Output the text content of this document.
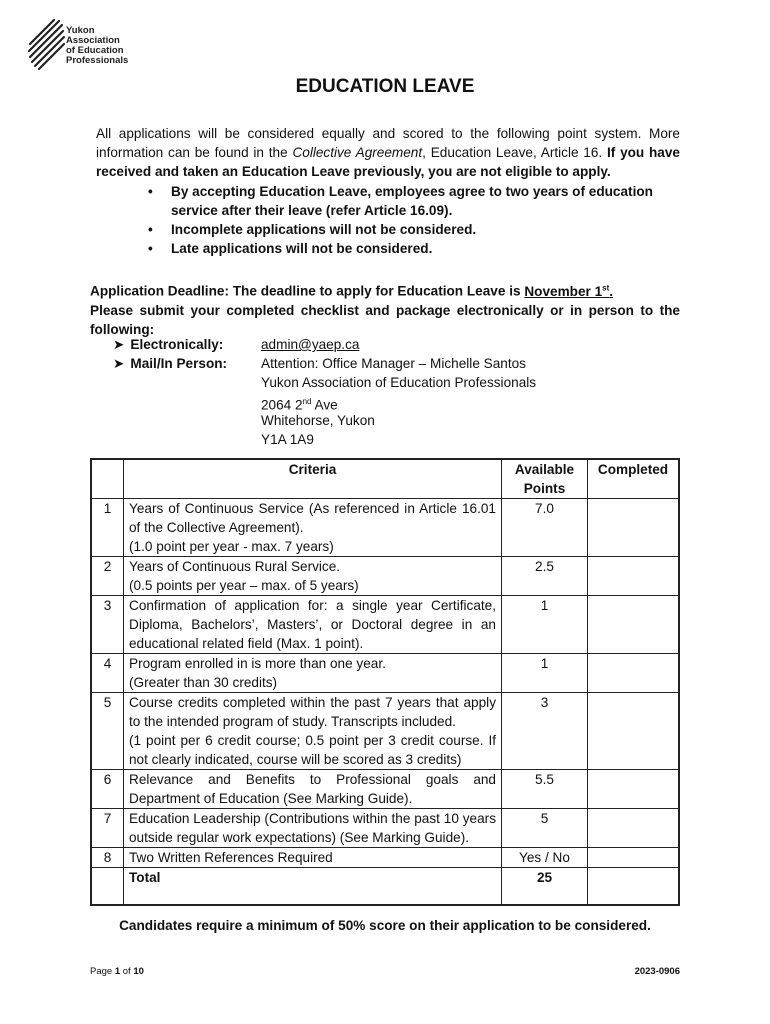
Yukon
Association
of Education
Professionals
EDUCATION LEAVE
All applications will be considered equally and scored to the following point system. More information can be found in the Collective Agreement, Education Leave, Article 16. If you have received and taken an Education Leave previously, you are not eligible to apply.
• By accepting Education Leave, employees agree to two years of education service after their leave (refer Article 16.09).
• Incomplete applications will not be considered.
• Late applications will not be considered.
Application Deadline: The deadline to apply for Education Leave is November 1st.
Please submit your completed checklist and package electronically or in person to the following:
➤ Electronically:	admin@yaep.ca
➤ Mail/In Person: Attention: Office Manager – Michelle Santos
Yukon Association of Education Professionals
2064 2nd Ave
Whitehorse, Yukon
Y1A 1A9
	Criteria	Available Points	Completed
1	Years of Continuous Service (As referenced in Article 16.01 of the Collective Agreement).
(1.0 point per year - max. 7 years)	7.0	
2	Years of Continuous Rural Service.
(0.5 points per year – max. of 5 years)	2.5	
3	Confirmation of application for: a single year Certificate, Diploma, Bachelors’, Masters’, or Doctoral degree in an educational related field (Max. 1 point).	1	
4	Program enrolled in is more than one year.
(Greater than 30 credits)	1	
5	Course credits completed within the past 7 years that apply to the intended program of study. Transcripts included.
(1 point per 6 credit course; 0.5 point per 3 credit course. If not clearly indicated, course will be scored as 3 credits)	3	
6	Relevance and Benefits to Professional goals and Department of Education (See Marking Guide).	5.5	
7	Education Leadership (Contributions within the past 10 years outside regular work expectations) (See Marking Guide).	5	
8	Two Written References Required	Yes / No	
	Total	25	
Candidates require a minimum of 50% score on their application to be considered.
Page 1 of 10	2023-0906
